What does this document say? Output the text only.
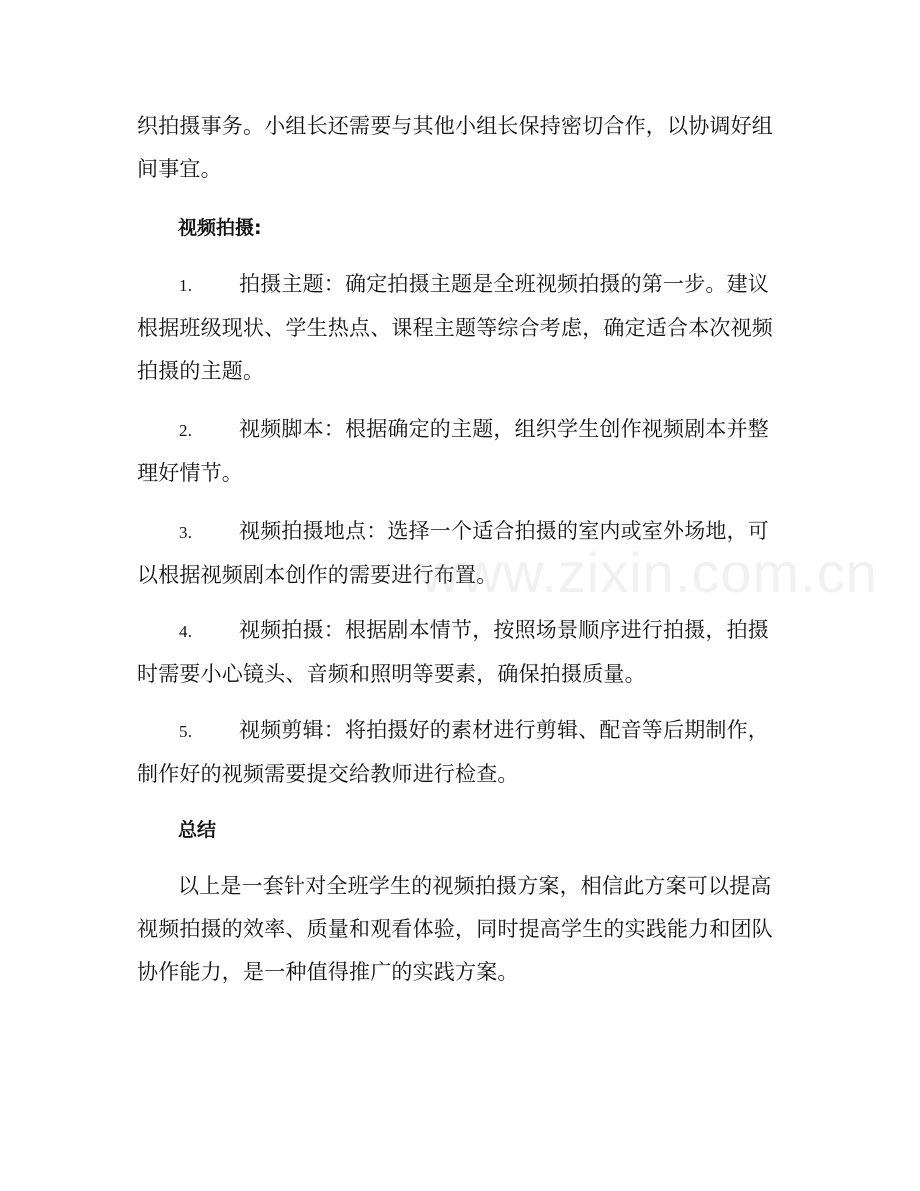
织拍摄事务。小组长还需要与其他小组长保持密切合作，以协调好组间事宜。

视频拍摄:

1. 拍摄主题：确定拍摄主题是全班视频拍摄的第一步。建议根据班级现状、学生热点、课程主题等综合考虑，确定适合本次视频拍摄的主题。

2. 视频脚本：根据确定的主题，组织学生创作视频剧本并整理好情节。

3. 视频拍摄地点：选择一个适合拍摄的室内或室外场地，可以根据视频剧本创作的需要进行布置。

4. 视频拍摄：根据剧本情节，按照场景顺序进行拍摄，拍摄时需要小心镜头、音频和照明等要素，确保拍摄质量。

5. 视频剪辑：将拍摄好的素材进行剪辑、配音等后期制作，制作好的视频需要提交给教师进行检查。

总结

以上是一套针对全班学生的视频拍摄方案，相信此方案可以提高视频拍摄的效率、质量和观看体验，同时提高学生的实践能力和团队协作能力，是一种值得推广的实践方案。

www.zixin.com.cn
